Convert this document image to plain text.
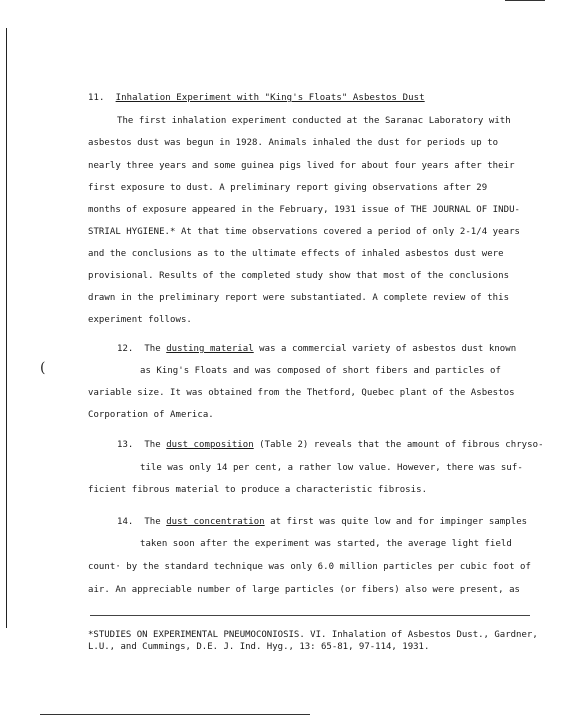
(
11. Inhalation Experiment with "King's Floats" Asbestos Dust
The first inhalation experiment conducted at the Saranac Laboratory with
asbestos dust was begun in 1928. Animals inhaled the dust for periods up to
nearly three years and some guinea pigs lived for about four years after their
first exposure to dust. A preliminary report giving observations after 29
months of exposure appeared in the February, 1931 issue of THE JOURNAL OF INDU-
STRIAL HYGIENE.* At that time observations covered a period of only 2-1/4 years
and the conclusions as to the ultimate effects of inhaled asbestos dust were
provisional. Results of the completed study show that most of the conclusions
drawn in the preliminary report were substantiated. A complete review of this
experiment follows.
12. The dusting material was a commercial variety of asbestos dust known
as King's Floats and was composed of short fibers and particles of
variable size. It was obtained from the Thetford, Quebec plant of the Asbestos
Corporation of America.
13. The dust composition (Table 2) reveals that the amount of fibrous chryso-
tile was only 14 per cent, a rather low value. However, there was suf-
ficient fibrous material to produce a characteristic fibrosis.
14. The dust concentration at first was quite low and for impinger samples
taken soon after the experiment was started, the average light field
count· by the standard technique was only 6.0 million particles per cubic foot of
air. An appreciable number of large particles (or fibers) also were present, as
*STUDIES ON EXPERIMENTAL PNEUMOCONIOSIS. VI. Inhalation of Asbestos Dust., Gardner,
L.U., and Cummings, D.E. J. Ind. Hyg., 13: 65-81, 97-114, 1931.
